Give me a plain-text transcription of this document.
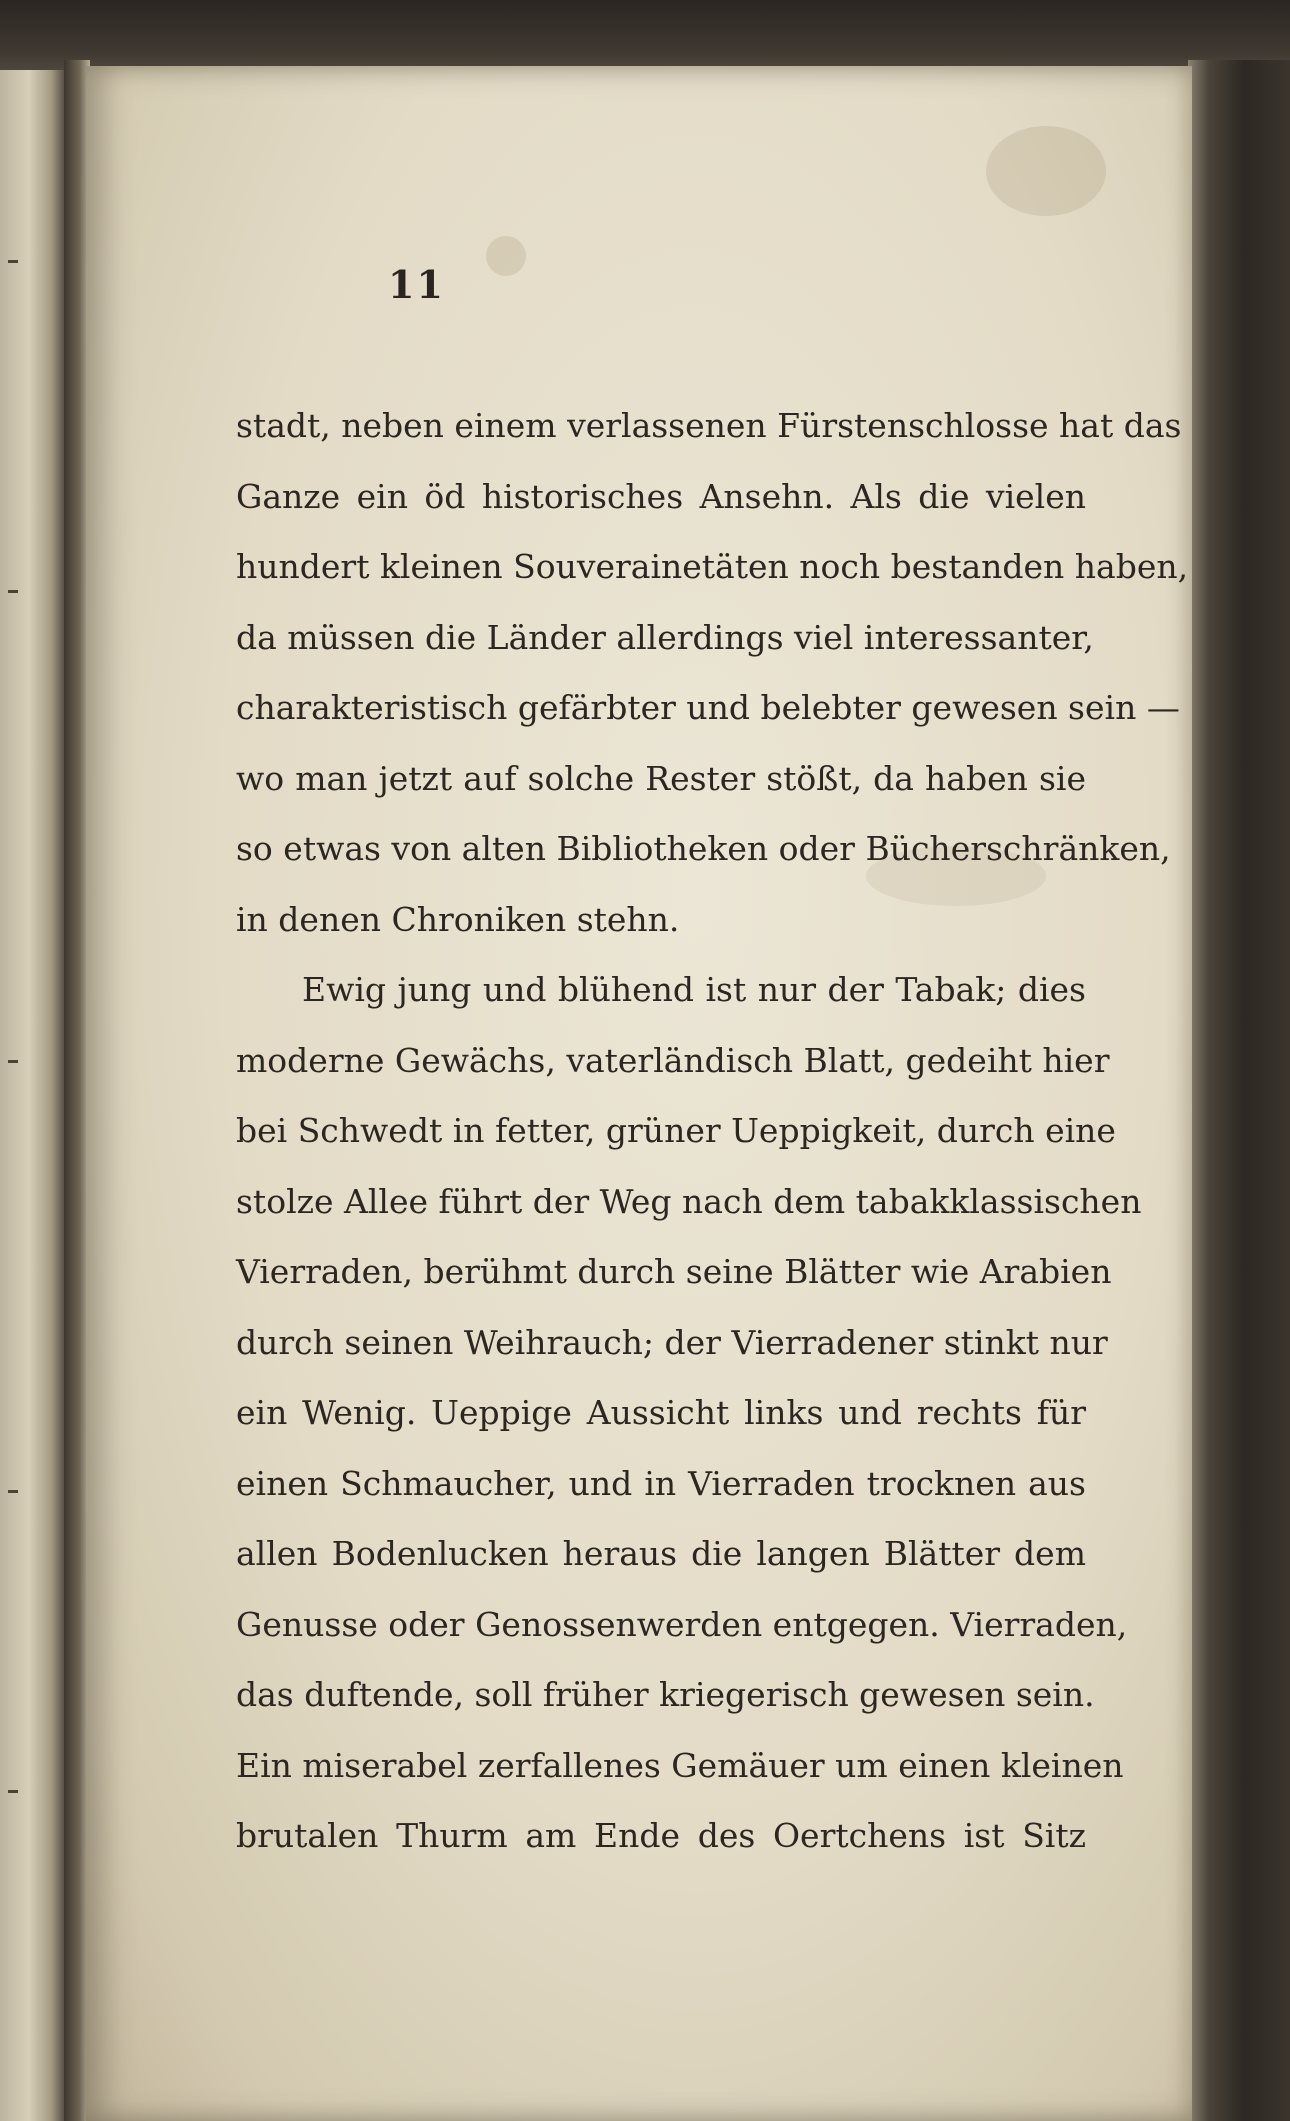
11
stadt, neben einem verlassenen Fürstenschlosse hat das
Ganze ein öd historisches Ansehn. Als die vielen
hundert kleinen Souverainetäten noch bestanden haben,
da müssen die Länder allerdings viel interessanter,
charakteristisch gefärbter und belebter gewesen sein —
wo man jetzt auf solche Rester stößt, da haben sie
so etwas von alten Bibliotheken oder Bücherschränken,
in denen Chroniken stehn.
Ewig jung und blühend ist nur der Tabak; dies
moderne Gewächs, vaterländisch Blatt, gedeiht hier
bei Schwedt in fetter, grüner Ueppigkeit, durch eine
stolze Allee führt der Weg nach dem tabakklassischen
Vierraden, berühmt durch seine Blätter wie Arabien
durch seinen Weihrauch; der Vierradener stinkt nur
ein Wenig. Ueppige Aussicht links und rechts für
einen Schmaucher, und in Vierraden trocknen aus
allen Bodenlucken heraus die langen Blätter dem
Genusse oder Genossenwerden entgegen. Vierraden,
das duftende, soll früher kriegerisch gewesen sein.
Ein miserabel zerfallenes Gemäuer um einen kleinen
brutalen Thurm am Ende des Oertchens ist Sitz
